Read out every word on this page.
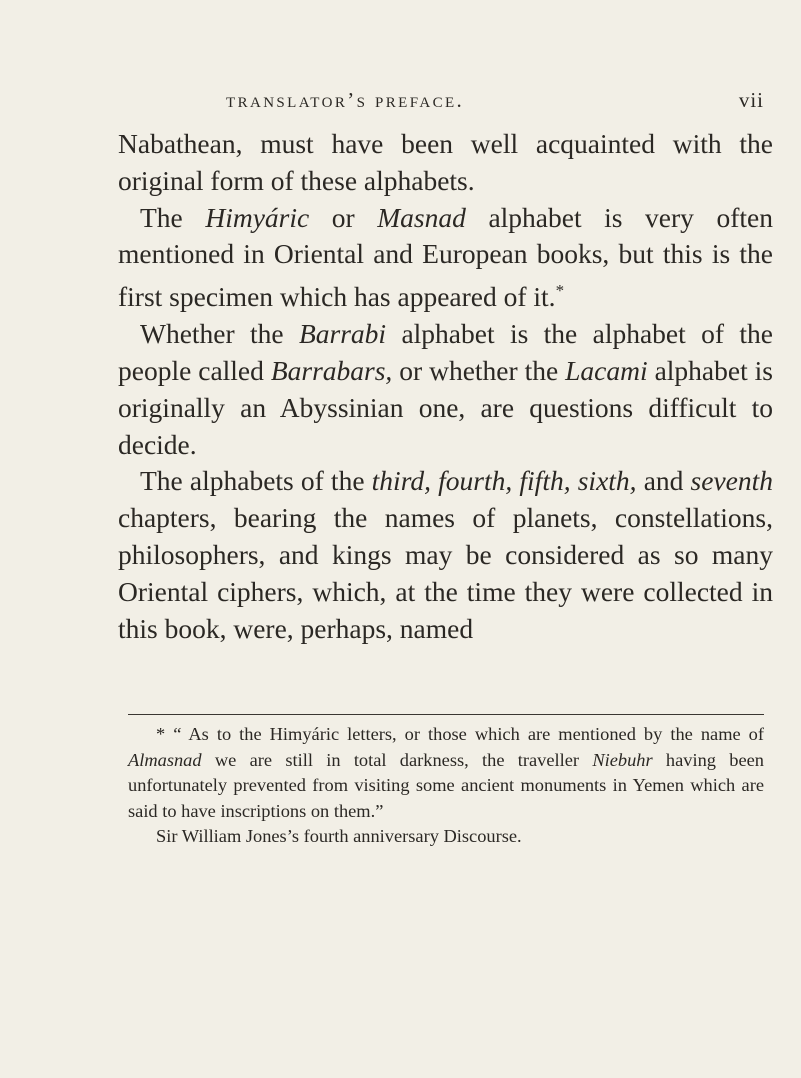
translator’s preface.	vii

Nabathean, must have been well acquainted with the original form of these alphabets.

The Himyáric or Masnad alphabet is very often mentioned in Oriental and European books, but this is the first specimen which has appeared of it.*

Whether the Barrabi alphabet is the alphabet of the people called Barrabars, or whether the Lacami alphabet is originally an Abyssinian one, are questions difficult to decide.

The alphabets of the third, fourth, fifth, sixth, and seventh chapters, bearing the names of planets, constellations, philosophers, and kings may be considered as so many Oriental ciphers, which, at the time they were collected in this book, were, perhaps, named

* “ As to the Himyáric letters, or those which are mentioned by the name of Almasnad we are still in total darkness, the traveller Niebuhr having been unfortunately prevented from visiting some ancient monuments in Yemen which are said to have inscriptions on them.”

Sir William Jones’s fourth anniversary Discourse.
